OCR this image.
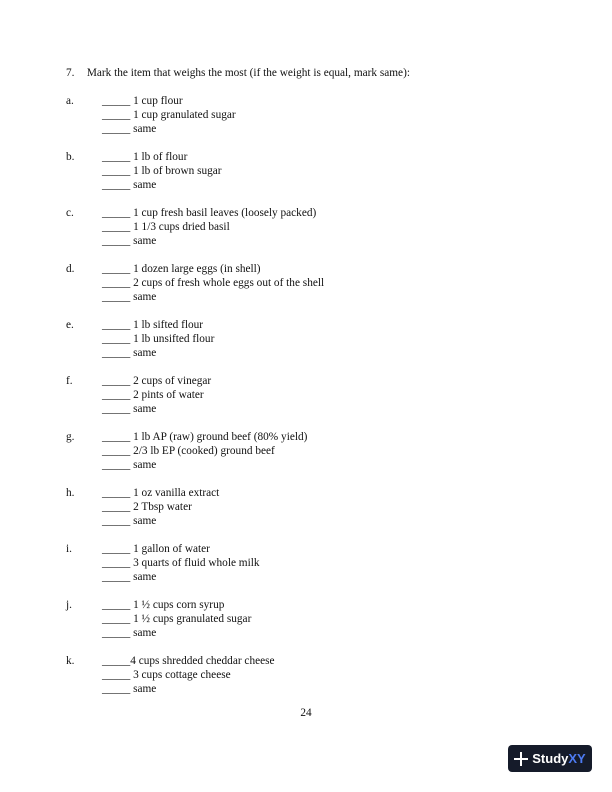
7. Mark the item that weighs the most (if the weight is equal, mark same):
a. _____ 1 cup flour
_____ 1 cup granulated sugar
_____ same
b. _____ 1 lb of flour
_____ 1 lb of brown sugar
_____ same
c. _____ 1 cup fresh basil leaves (loosely packed)
_____ 1 1/3 cups dried basil
_____ same
d. _____ 1 dozen large eggs (in shell)
_____ 2 cups of fresh whole eggs out of the shell
_____ same
e. _____ 1 lb sifted flour
_____ 1 lb unsifted flour
_____ same
f.	_____ 2 cups of vinegar
_____ 2 pints of water
_____ same
g. _____ 1 lb AP (raw) ground beef (80% yield)
_____ 2/3 lb EP (cooked) ground beef
_____ same
h. _____ 1 oz vanilla extract
_____ 2 Tbsp water
_____ same
i.	_____ 1 gallon of water
_____ 3 quarts of fluid whole milk
_____ same
j.	_____ 1 ½ cups corn syrup
_____ 1 ½ cups granulated sugar
_____ same
k. _____4 cups shredded cheddar cheese
_____ 3 cups cottage cheese
_____ same
24
StudyXY
